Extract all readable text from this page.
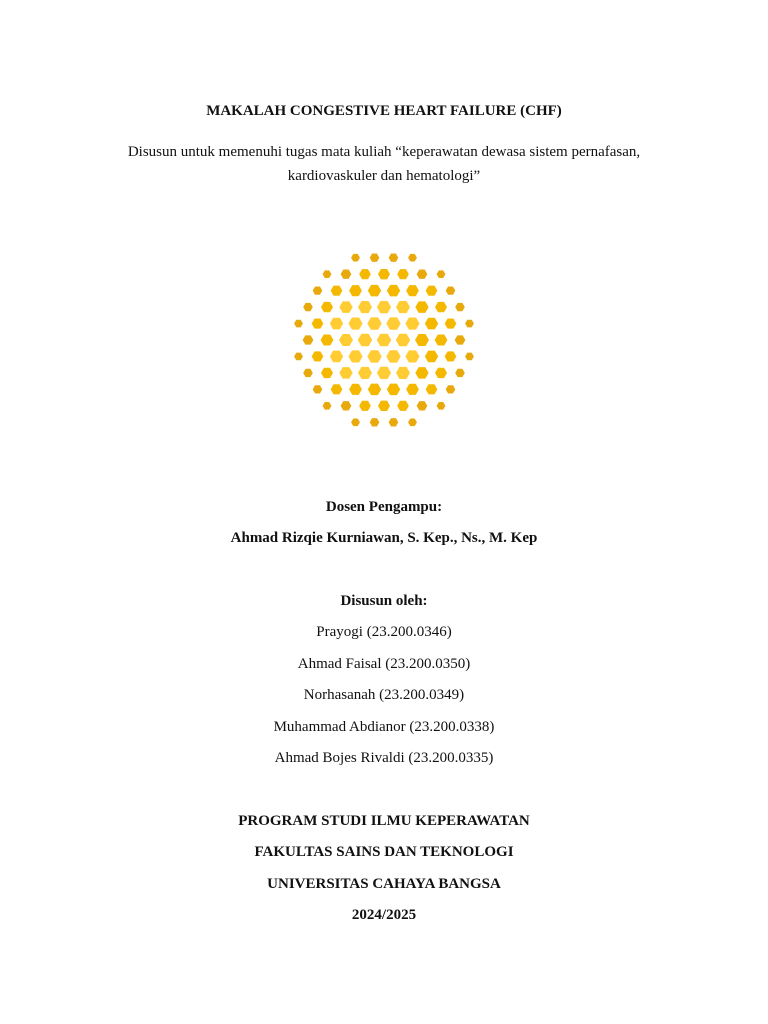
MAKALAH CONGESTIVE HEART FAILURE (CHF)
Disusun untuk memenuhi tugas mata kuliah “keperawatan dewasa sistem pernafasan,
kardiovaskuler dan hematologi”
Dosen Pengampu:
Ahmad Rizqie Kurniawan, S. Kep., Ns., M. Kep
Disusun oleh:
Prayogi (23.200.0346)
Ahmad Faisal (23.200.0350)
Norhasanah (23.200.0349)
Muhammad Abdianor (23.200.0338)
Ahmad Bojes Rivaldi (23.200.0335)
PROGRAM STUDI ILMU KEPERAWATAN
FAKULTAS SAINS DAN TEKNOLOGI
UNIVERSITAS CAHAYA BANGSA
2024/2025
